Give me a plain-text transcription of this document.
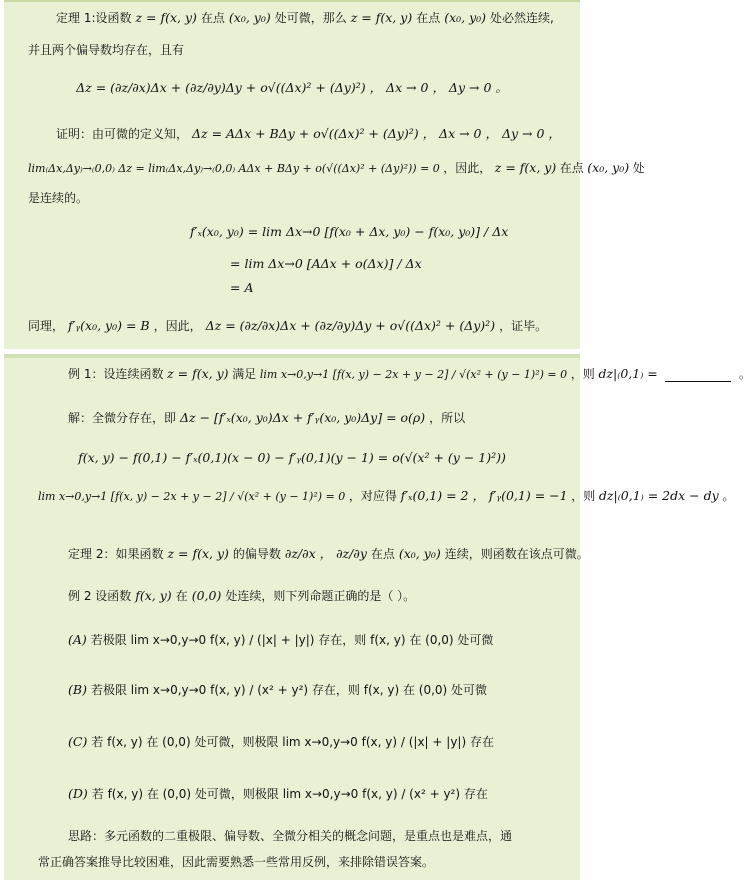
定理 1:设函数 z = f(x, y) 在点 (x₀, y₀) 处可微，那么 z = f(x, y) 在点 (x₀, y₀) 处必然连续,
并且两个偏导数均存在，且有
Δz = (∂z/∂x)Δx + (∂z/∂y)Δy + o√((Δx)² + (Δy)²) ， Δx → 0 ， Δy → 0 。
证明：由可微的定义知， Δz = AΔx + BΔy + o√((Δx)² + (Δy)²) ， Δx → 0 ， Δy → 0 ，
lim₍Δx,Δy₎→₍0,0₎ Δz = lim₍Δx,Δy₎→₍0,0₎ AΔx + BΔy + o(√((Δx)² + (Δy)²)) = 0 ，因此， z = f(x, y) 在点 (x₀, y₀) 处
是连续的。
f′ₓ(x₀, y₀) = lim Δx→0 [f(x₀ + Δx, y₀) − f(x₀, y₀)] / Δx
= lim Δx→0 [AΔx + o(Δx)] / Δx
= A
同理， f′ᵧ(x₀, y₀) = B ，因此， Δz = (∂z/∂x)Δx + (∂z/∂y)Δy + o√((Δx)² + (Δy)²) ，证毕。
例 1：设连续函数 z = f(x, y) 满足 lim x→0,y→1 [f(x, y) − 2x + y − 2] / √(x² + (y − 1)²) = 0 ，则 dz|₍0,1₎ =	。
解：全微分存在，即 Δz − [f′ₓ(x₀, y₀)Δx + f′ᵧ(x₀, y₀)Δy] = o(ρ) ，所以
f(x, y) − f(0,1) − f′ₓ(0,1)(x − 0) − f′ᵧ(0,1)(y − 1) = o(√(x² + (y − 1)²))
lim x→0,y→1 [f(x, y) − 2x + y − 2] / √(x² + (y − 1)²) = 0 ，对应得 f′ₓ(0,1) = 2 ， f′ᵧ(0,1) = −1 ，则 dz|₍0,1₎ = 2dx − dy 。
定理 2：如果函数 z = f(x, y) 的偏导数 ∂z/∂x ， ∂z/∂y 在点 (x₀, y₀) 连续，则函数在该点可微。
例 2 设函数 f(x, y) 在 (0,0) 处连续，则下列命题正确的是（ ）。
(A) 若极限 lim x→0,y→0 f(x, y) / (|x| + |y|) 存在，则 f(x, y) 在 (0,0) 处可微
(B) 若极限 lim x→0,y→0 f(x, y) / (x² + y²) 存在，则 f(x, y) 在 (0,0) 处可微
(C) 若 f(x, y) 在 (0,0) 处可微，则极限 lim x→0,y→0 f(x, y) / (|x| + |y|) 存在
(D) 若 f(x, y) 在 (0,0) 处可微，则极限 lim x→0,y→0 f(x, y) / (x² + y²) 存在
思路：多元函数的二重极限、偏导数、全微分相关的概念问题，是重点也是难点，通
常正确答案推导比较困难，因此需要熟悉一些常用反例，来排除错误答案。
